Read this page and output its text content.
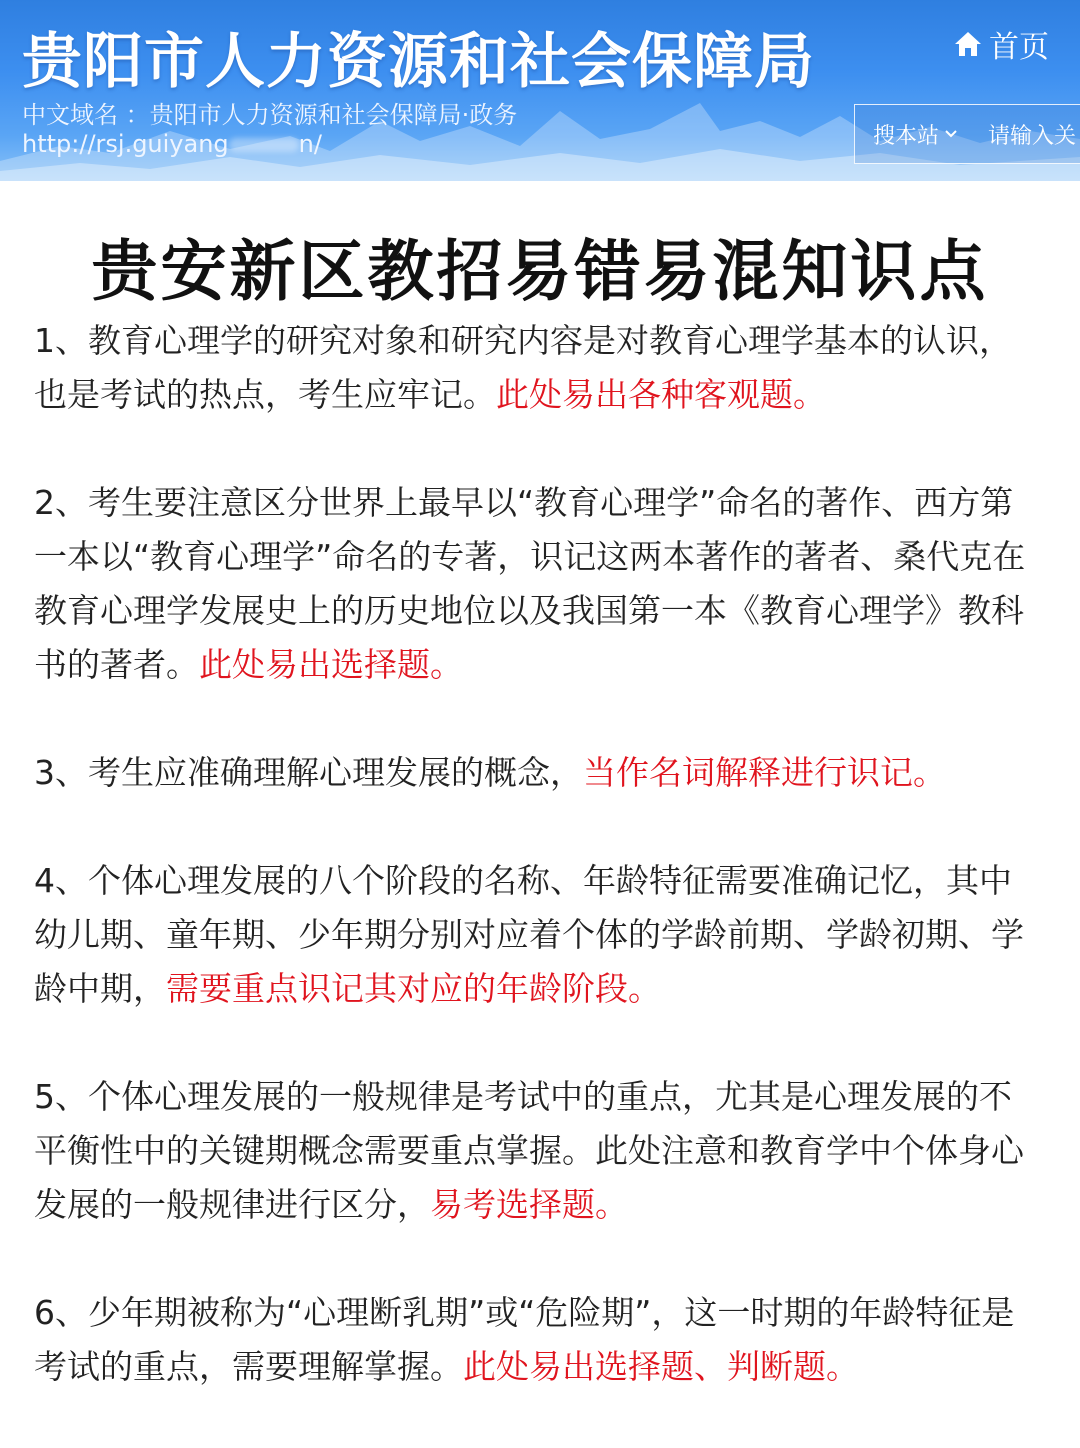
贵阳市人力资源和社会保障局	首页
中文域名 ：贵阳市人力资源和社会保障局·政务
http://rsj.guiyang	n/	搜本站 请输入关
贵安新区教招易错易混知识点

1、教育心理学的研究对象和研究内容是对教育心理学基本的认识，也是考试的热点，考生应牢记。此处易出各种客观题。

2、考生要注意区分世界上最早以“教育心理学”命名的著作、西方第一本以“教育心理学”命名的专著，识记这两本著作的著者、桑代克在教育心理学发展史上的历史地位以及我国第一本《教育心理学》教科书的著者。此处易出选择题。

3、考生应准确理解心理发展的概念，当作名词解释进行识记。

4、个体心理发展的八个阶段的名称、年龄特征需要准确记忆，其中幼儿期、童年期、少年期分别对应着个体的学龄前期、学龄初期、学龄中期，需要重点识记其对应的年龄阶段。

5、个体心理发展的一般规律是考试中的重点，尤其是心理发展的不平衡性中的关键期概念需要重点掌握。此处注意和教育学中个体身心发展的一般规律进行区分，易考选择题。

6、少年期被称为“心理断乳期”或“危险期”，这一时期的年龄特征是考试的重点，需要理解掌握。此处易出选择题、判断题。
